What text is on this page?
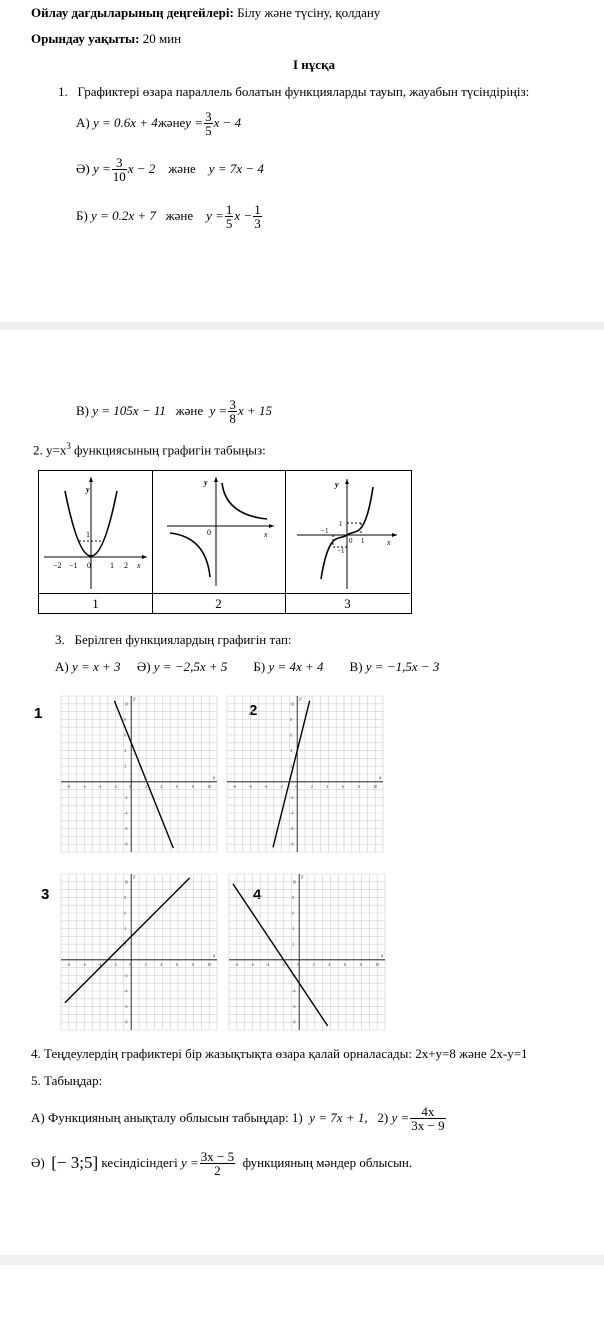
Ойлау дағдыларының деңгейлері: Білу және түсіну, қолдану
Орындау уақыты: 20 мин
I нұсқа
1. Графиктері өзара параллель болатын функцияларды тауып, жауабын түсіндіріңіз:
А)
y = 0.6x + 4 және $y = \frac{3}{5}$ x − 4
Ә)
$y = \frac{3}{10}$ x − 2
және
y = 7x − 4
Б)
y = 0.2x + 7
және
$y = \frac{1}{5}$ $x - \frac{1}{3}$
В)
y = 105x − 11
және
$y = \frac{3}{8}$ x + 15
2. $y=x^3$ функциясының графигін табыңыз:
y
1
−2 −1 0 1 2 x
y
0	x
y
1
−1
0 1	x
−1
1	2	3
3. Берілген функциялардың графигін тап:
А) y = x + 3 Ә) y = −2,5x + 5 Б) y = 4x + 4 В) y = −1,5x − 3
1	2
3	4
-8	-6	-4	-2	0	2	4	6	8	10
10
8
6
4
2
-2
-4
-6
-8
x
y
-8	-6	-4	-2	0	2	4	6	8	10
10
8
6
4
2
-2
-4
-6
-8
x
y
-8	-6	-4	-2	0	2	4	6	8	10
10
8
6
4
2
-2
-4
-6
-8
x
y
-8	-6	-4	-2	0	2	4	6	8	10
10
8
6
4
2
-4
-6
-8
x
y
4. Теңдеулердің графиктері бір жазықтықта өзара қалай орналасады: 2x+y=8 және 2x-y=1
5. Табыңдар:
А) Функцияның анықталу облысын табыңдар: 1)
y = 7x + 1,
2)
$y = \frac{4x}{3x - 9}$
Ә)
[− 3;5]
кесіндісіндегі
$y = \frac{3x - 5}{2}$
функцияның мәндер облысын.
